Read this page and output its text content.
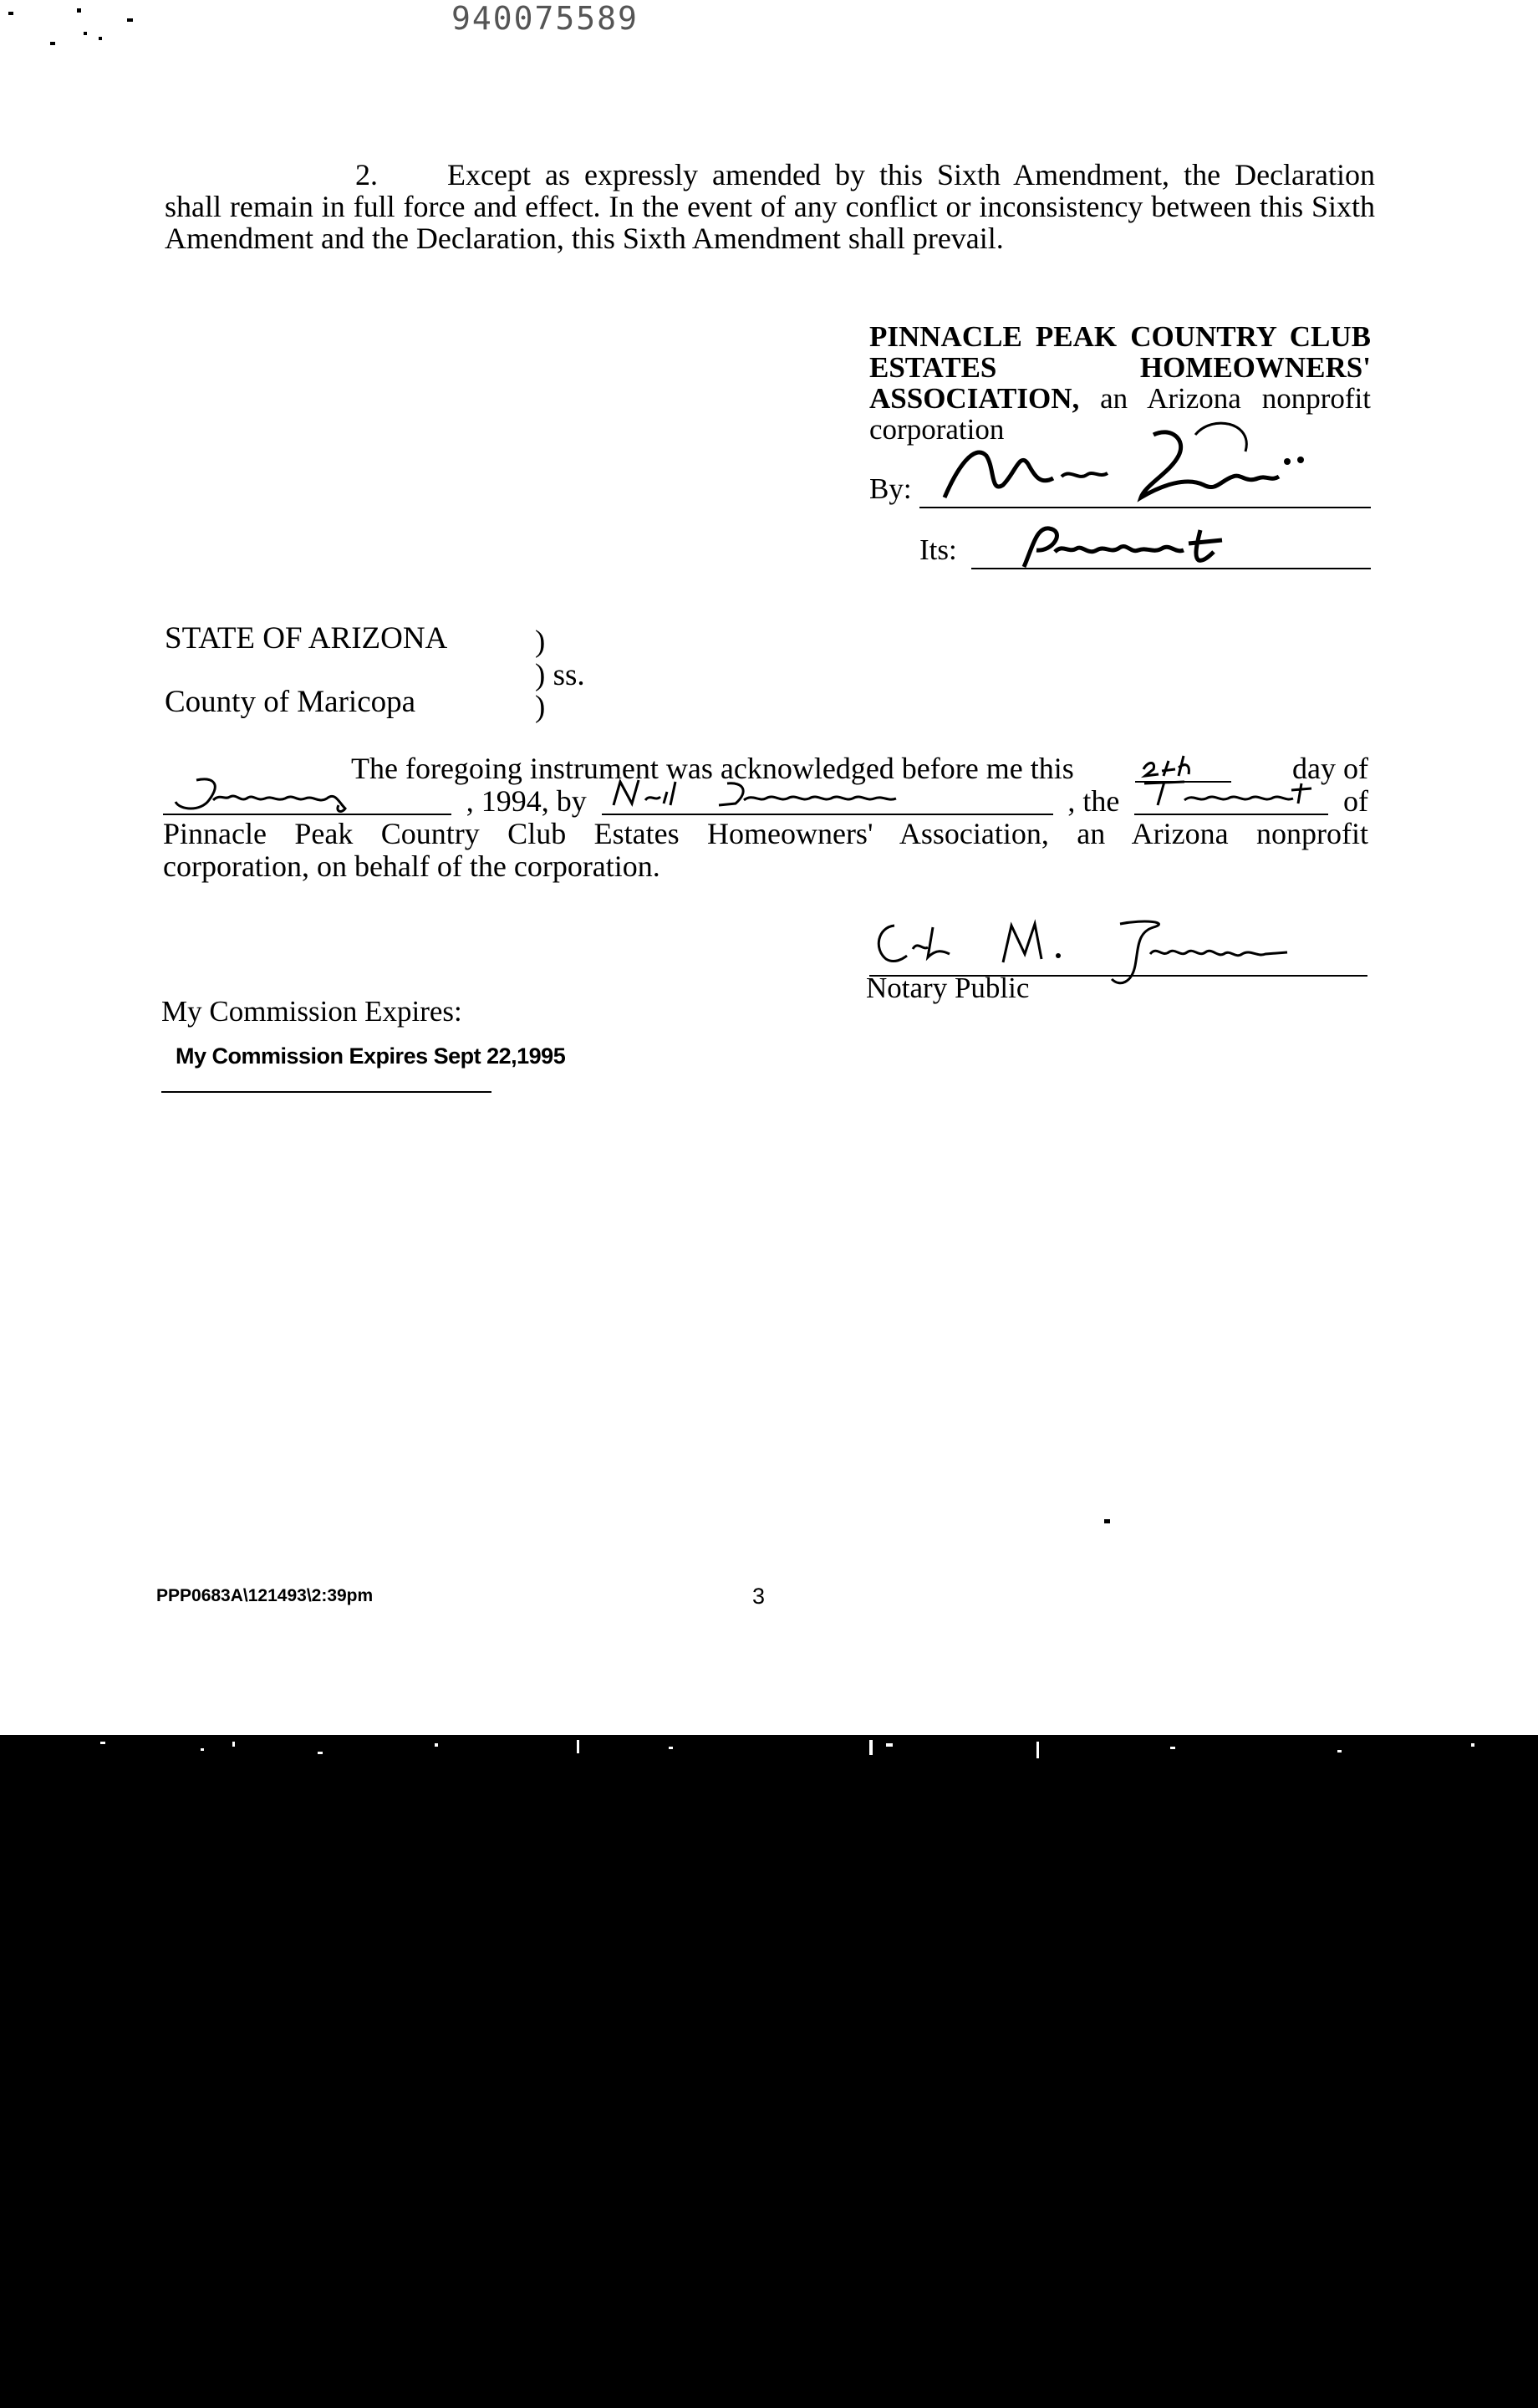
940075589
2. Except as expressly amended by this Sixth Amendment, the Declaration shall remain in full force and effect. In the event of any conflict or inconsistency between this Sixth Amendment and the Declaration, this Sixth Amendment shall prevail.
PINNACLE PEAK COUNTRY CLUB ESTATES HOMEOWNERS' ASSOCIATION, an Arizona nonprofit corporation
By:
Its:
STATE OF ARIZONA	)
) ss.
County of Maricopa	)
The foregoing instrument was acknowledged before me this	day of
, 1994, by	, the	of
Pinnacle Peak Country Club Estates Homeowners' Association, an Arizona nonprofit
corporation, on behalf of the corporation.
Notary Public
My Commission Expires:
My Commission Expires Sept 22,1995
PPP0683A\121493\2:39pm	3
